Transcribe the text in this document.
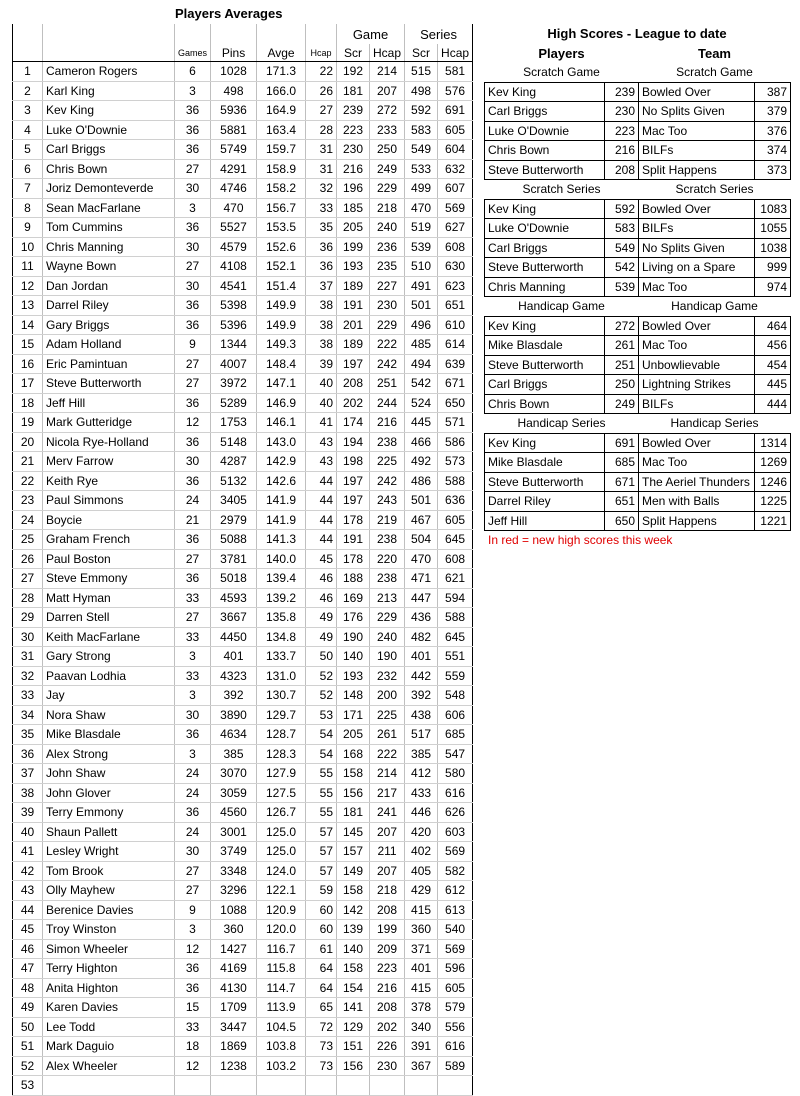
Players Averages
						Game		Series	
		Games	Pins	Avge	Hcap	Scr	Hcap	Scr	Hcap
1	Cameron Rogers	6	1028	171.3	22	192	214	515	581
2	Karl King	3	498	166.0	26	181	207	498	576
3	Kev King	36	5936	164.9	27	239	272	592	691
4	Luke O'Downie	36	5881	163.4	28	223	233	583	605
5	Carl Briggs	36	5749	159.7	31	230	250	549	604
6	Chris Bown	27	4291	158.9	31	216	249	533	632
7	Joriz Demonteverde	30	4746	158.2	32	196	229	499	607
8	Sean MacFarlane	3	470	156.7	33	185	218	470	569
9	Tom Cummins	36	5527	153.5	35	205	240	519	627
10	Chris Manning	30	4579	152.6	36	199	236	539	608
11	Wayne Bown	27	4108	152.1	36	193	235	510	630
12	Dan Jordan	30	4541	151.4	37	189	227	491	623
13	Darrel Riley	36	5398	149.9	38	191	230	501	651
14	Gary Briggs	36	5396	149.9	38	201	229	496	610
15	Adam Holland	9	1344	149.3	38	189	222	485	614
16	Eric Pamintuan	27	4007	148.4	39	197	242	494	639
17	Steve Butterworth	27	3972	147.1	40	208	251	542	671
18	Jeff Hill	36	5289	146.9	40	202	244	524	650
19	Mark Gutteridge	12	1753	146.1	41	174	216	445	571
20	Nicola Rye-Holland	36	5148	143.0	43	194	238	466	586
21	Merv Farrow	30	4287	142.9	43	198	225	492	573
22	Keith Rye	36	5132	142.6	44	197	242	486	588
23	Paul Simmons	24	3405	141.9	44	197	243	501	636
24	Boycie	21	2979	141.9	44	178	219	467	605
25	Graham French	36	5088	141.3	44	191	238	504	645
26	Paul Boston	27	3781	140.0	45	178	220	470	608
27	Steve Emmony	36	5018	139.4	46	188	238	471	621
28	Matt Hyman	33	4593	139.2	46	169	213	447	594
29	Darren Stell	27	3667	135.8	49	176	229	436	588
30	Keith MacFarlane	33	4450	134.8	49	190	240	482	645
31	Gary Strong	3	401	133.7	50	140	190	401	551
32	Paavan Lodhia	33	4323	131.0	52	193	232	442	559
33	Jay	3	392	130.7	52	148	200	392	548
34	Nora Shaw	30	3890	129.7	53	171	225	438	606
35	Mike Blasdale	36	4634	128.7	54	205	261	517	685
36	Alex Strong	3	385	128.3	54	168	222	385	547
37	John Shaw	24	3070	127.9	55	158	214	412	580
38	John Glover	24	3059	127.5	55	156	217	433	616
39	Terry Emmony	36	4560	126.7	55	181	241	446	626
40	Shaun Pallett	24	3001	125.0	57	145	207	420	603
41	Lesley Wright	30	3749	125.0	57	157	211	402	569
42	Tom Brook	27	3348	124.0	57	149	207	405	582
43	Olly Mayhew	27	3296	122.1	59	158	218	429	612
44	Berenice Davies	9	1088	120.9	60	142	208	415	613
45	Troy Winston	3	360	120.0	60	139	199	360	540
46	Simon Wheeler	12	1427	116.7	61	140	209	371	569
47	Terry Highton	36	4169	115.8	64	158	223	401	596
48	Anita Highton	36	4130	114.7	64	154	216	415	605
49	Karen Davies	15	1709	113.9	65	141	208	378	579
50	Lee Todd	33	3447	104.5	72	129	202	340	556
51	Mark Daguio	18	1869	103.8	73	151	226	391	616
52	Alex Wheeler	12	1238	103.2	73	156	230	367	589
53									
High Scores - League to date
Players		Team	
Scratch Game		Scratch Game	
Kev King	239	Bowled Over	387
Carl Briggs	230	No Splits Given	379
Luke O'Downie	223	Mac Too	376
Chris Bown	216	BILFs	374
Steve Butterworth	208	Split Happens	373
Scratch Series		Scratch Series	
Kev King	592	Bowled Over	1083
Luke O'Downie	583	BILFs	1055
Carl Briggs	549	No Splits Given	1038
Steve Butterworth	542	Living on a Spare	999
Chris Manning	539	Mac Too	974
Handicap Game		Handicap Game	
Kev King	272	Bowled Over	464
Mike Blasdale	261	Mac Too	456
Steve Butterworth	251	Unbowlievable	454
Carl Briggs	250	Lightning Strikes	445
Chris Bown	249	BILFs	444
Handicap Series		Handicap Series	
Kev King	691	Bowled Over	1314
Mike Blasdale	685	Mac Too	1269
Steve Butterworth	671	The Aeriel Thunders	1246
Darrel Riley	651	Men with Balls	1225
Jeff Hill	650	Split Happens	1221
In red = new high scores this week
